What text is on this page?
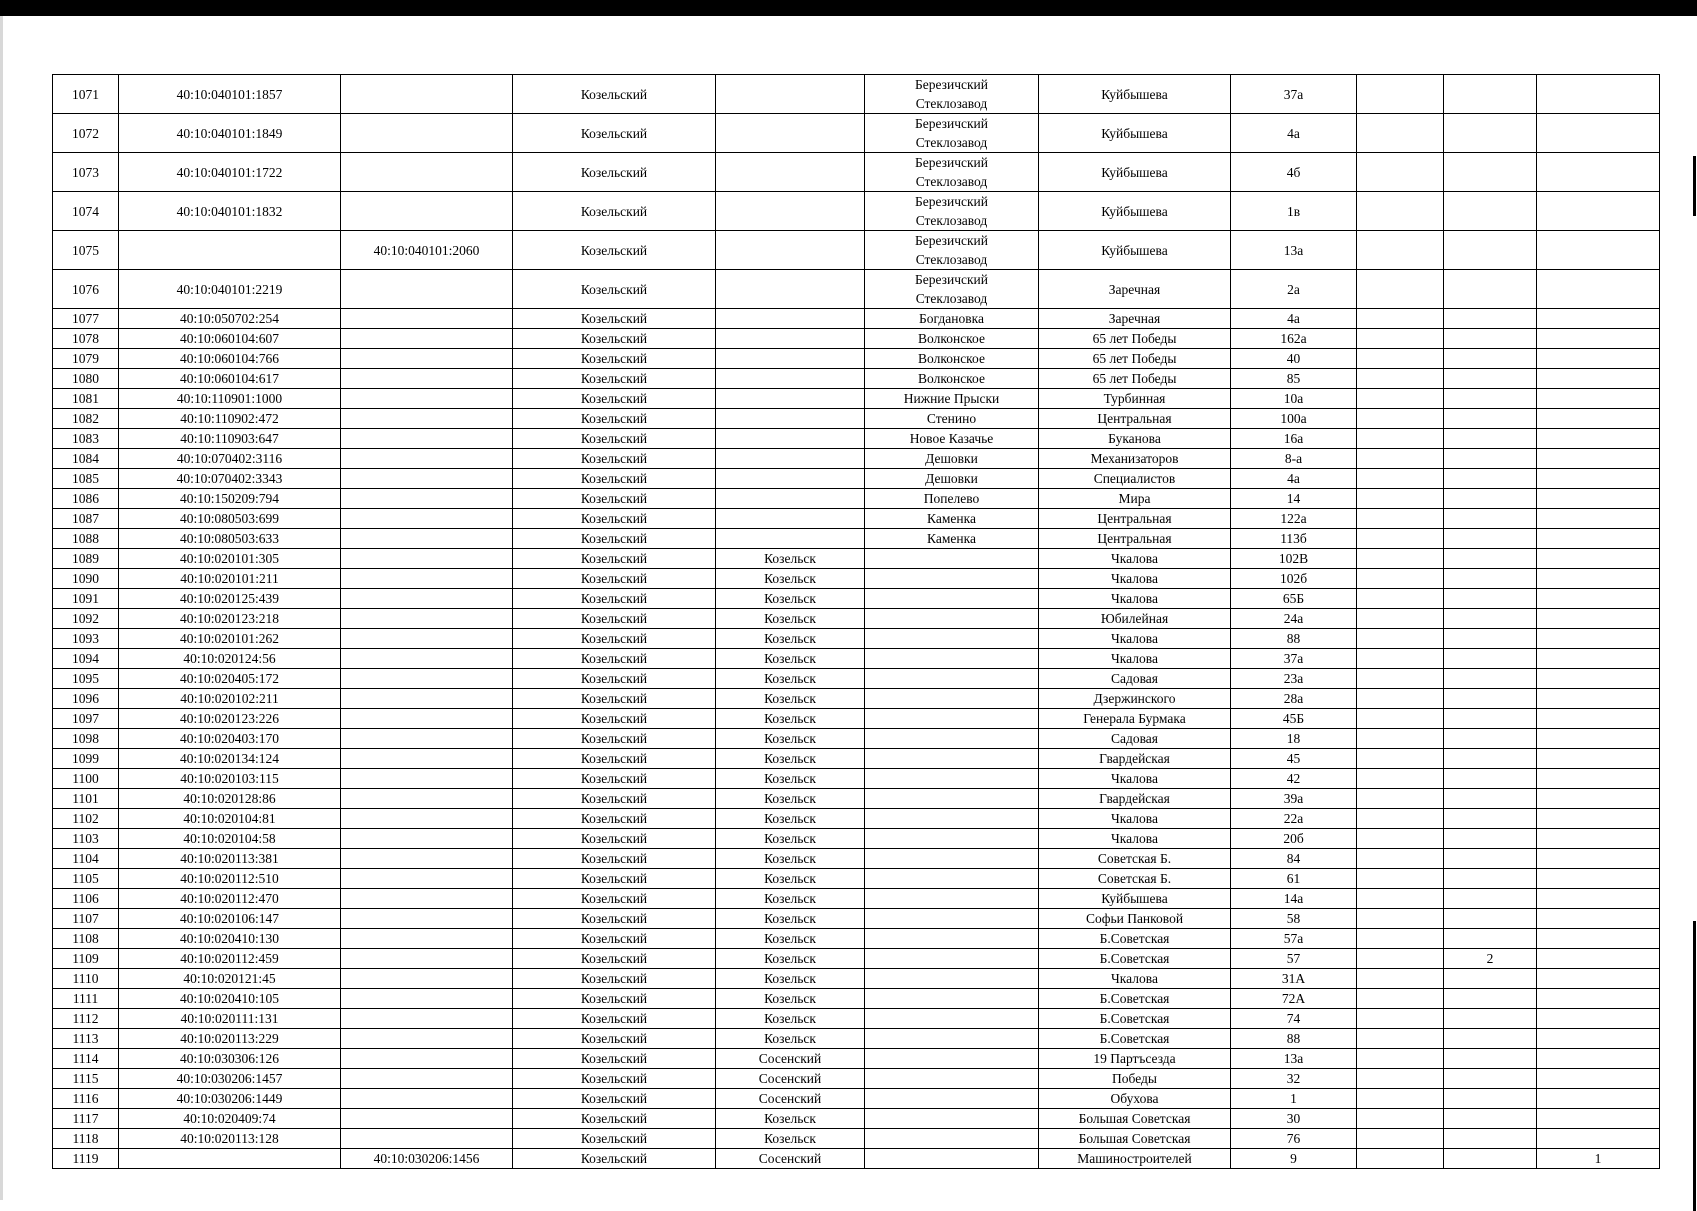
1071	40:10:040101:1857		Козельский		Березичский
Стеклозавод	Куйбышева	37а			
1072	40:10:040101:1849		Козельский		Березичский
Стеклозавод	Куйбышева	4а			
1073	40:10:040101:1722		Козельский		Березичский
Стеклозавод	Куйбышева	4б			
1074	40:10:040101:1832		Козельский		Березичский
Стеклозавод	Куйбышева	1в			
1075		40:10:040101:2060	Козельский		Березичский
Стеклозавод	Куйбышева	13а			
1076	40:10:040101:2219		Козельский		Березичский
Стеклозавод	Заречная	2а			
1077	40:10:050702:254		Козельский		Богдановка	Заречная	4а			
1078	40:10:060104:607		Козельский		Волконское	65 лет Победы	162а			
1079	40:10:060104:766		Козельский		Волконское	65 лет Победы	40			
1080	40:10:060104:617		Козельский		Волконское	65 лет Победы	85			
1081	40:10:110901:1000		Козельский		Нижние Прыски	Турбинная	10а			
1082	40:10:110902:472		Козельский		Стенино	Центральная	100а			
1083	40:10:110903:647		Козельский		Новое Казачье	Буканова	16а			
1084	40:10:070402:3116		Козельский		Дешовки	Механизаторов	8-а			
1085	40:10:070402:3343		Козельский		Дешовки	Специалистов	4а			
1086	40:10:150209:794		Козельский		Попелево	Мира	14			
1087	40:10:080503:699		Козельский		Каменка	Центральная	122а			
1088	40:10:080503:633		Козельский		Каменка	Центральная	113б			
1089	40:10:020101:305		Козельский	Козельск		Чкалова	102В			
1090	40:10:020101:211		Козельский	Козельск		Чкалова	102б			
1091	40:10:020125:439		Козельский	Козельск		Чкалова	65Б			
1092	40:10:020123:218		Козельский	Козельск		Юбилейная	24а			
1093	40:10:020101:262		Козельский	Козельск		Чкалова	88			
1094	40:10:020124:56		Козельский	Козельск		Чкалова	37а			
1095	40:10:020405:172		Козельский	Козельск		Садовая	23а			
1096	40:10:020102:211		Козельский	Козельск		Дзержинского	28а			
1097	40:10:020123:226		Козельский	Козельск		Генерала Бурмака	45Б			
1098	40:10:020403:170		Козельский	Козельск		Садовая	18			
1099	40:10:020134:124		Козельский	Козельск		Гвардейская	45			
1100	40:10:020103:115		Козельский	Козельск		Чкалова	42			
1101	40:10:020128:86		Козельский	Козельск		Гвардейская	39а			
1102	40:10:020104:81		Козельский	Козельск		Чкалова	22а			
1103	40:10:020104:58		Козельский	Козельск		Чкалова	20б			
1104	40:10:020113:381		Козельский	Козельск		Советская Б.	84			
1105	40:10:020112:510		Козельский	Козельск		Советская Б.	61			
1106	40:10:020112:470		Козельский	Козельск		Куйбышева	14а			
1107	40:10:020106:147		Козельский	Козельск		Софьи Панковой	58			
1108	40:10:020410:130		Козельский	Козельск		Б.Советская	57а			
1109	40:10:020112:459		Козельский	Козельск		Б.Советская	57		2	
1110	40:10:020121:45		Козельский	Козельск		Чкалова	31А			
1111	40:10:020410:105		Козельский	Козельск		Б.Советская	72А			
1112	40:10:020111:131		Козельский	Козельск		Б.Советская	74			
1113	40:10:020113:229		Козельский	Козельск		Б.Советская	88			
1114	40:10:030306:126		Козельский	Сосенский		19 Партъсезда	13а			
1115	40:10:030206:1457		Козельский	Сосенский		Победы	32			
1116	40:10:030206:1449		Козельский	Сосенский		Обухова	1			
1117	40:10:020409:74		Козельский	Козельск		Большая Советская	30			
1118	40:10:020113:128		Козельский	Козельск		Большая Советская	76			
1119		40:10:030206:1456	Козельский	Сосенский		Машиностроителей	9			1
